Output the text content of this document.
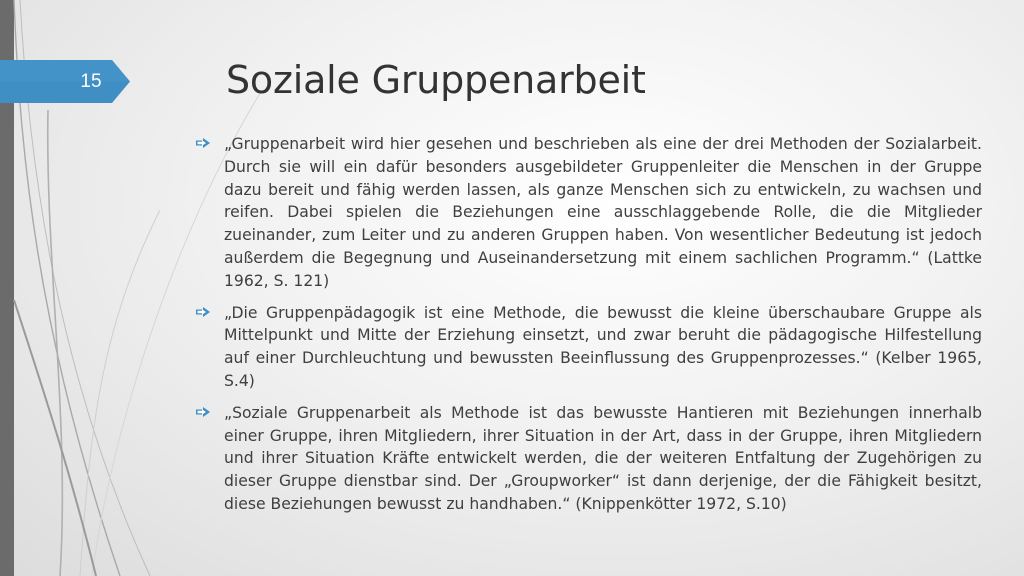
15	Soziale Gruppenarbeit

„Gruppenarbeit wird hier gesehen und beschrieben als eine der drei Methoden der Sozialarbeit. Durch sie will ein dafür besonders ausgebildeter Gruppenleiter die Menschen in der Gruppe dazu bereit und fähig werden lassen, als ganze Menschen sich zu entwickeln, zu wachsen und reifen. Dabei spielen die Beziehungen eine ausschlaggebende Rolle, die die Mitglieder zueinander, zum Leiter und zu anderen Gruppen haben. Von wesentlicher Bedeutung ist jedoch außerdem die Begegnung und Auseinandersetzung mit einem sachlichen Programm.“ (Lattke 1962, S. 121)

„Die Gruppenpädagogik ist eine Methode, die bewusst die kleine überschaubare Gruppe als Mittelpunkt und Mitte der Erziehung einsetzt, und zwar beruht die pädagogische Hilfestellung auf einer Durchleuchtung und bewussten Beeinflussung des Gruppenprozesses.“ (Kelber 1965, S.4)

„Soziale Gruppenarbeit als Methode ist das bewusste Hantieren mit Beziehungen innerhalb einer Gruppe, ihren Mitgliedern, ihrer Situation in der Art, dass in der Gruppe, ihren Mitgliedern und ihrer Situation Kräfte entwickelt werden, die der weiteren Entfaltung der Zugehörigen zu dieser Gruppe dienstbar sind. Der „Groupworker“ ist dann derjenige, der die Fähigkeit besitzt, diese Beziehungen bewusst zu handhaben.“ (Knippenkötter 1972, S.10)
